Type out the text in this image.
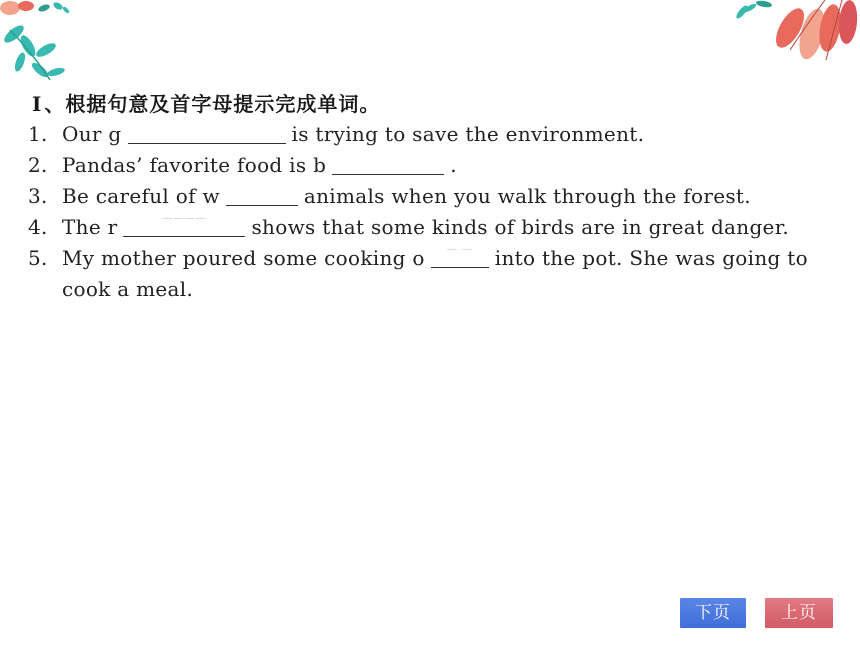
Ⅰ 、根据句意及首字母提示完成单词。
1. Our g	is trying to save the environment.
2. Pandas’ favorite food is b	.
3. Be careful of w	animals when you walk through the forest.
4. The r	———— shows that some kinds of birds are in great danger.
5. My mother poured some cooking o — — into the pot. She was going to
cook a meal.
下页	上页
